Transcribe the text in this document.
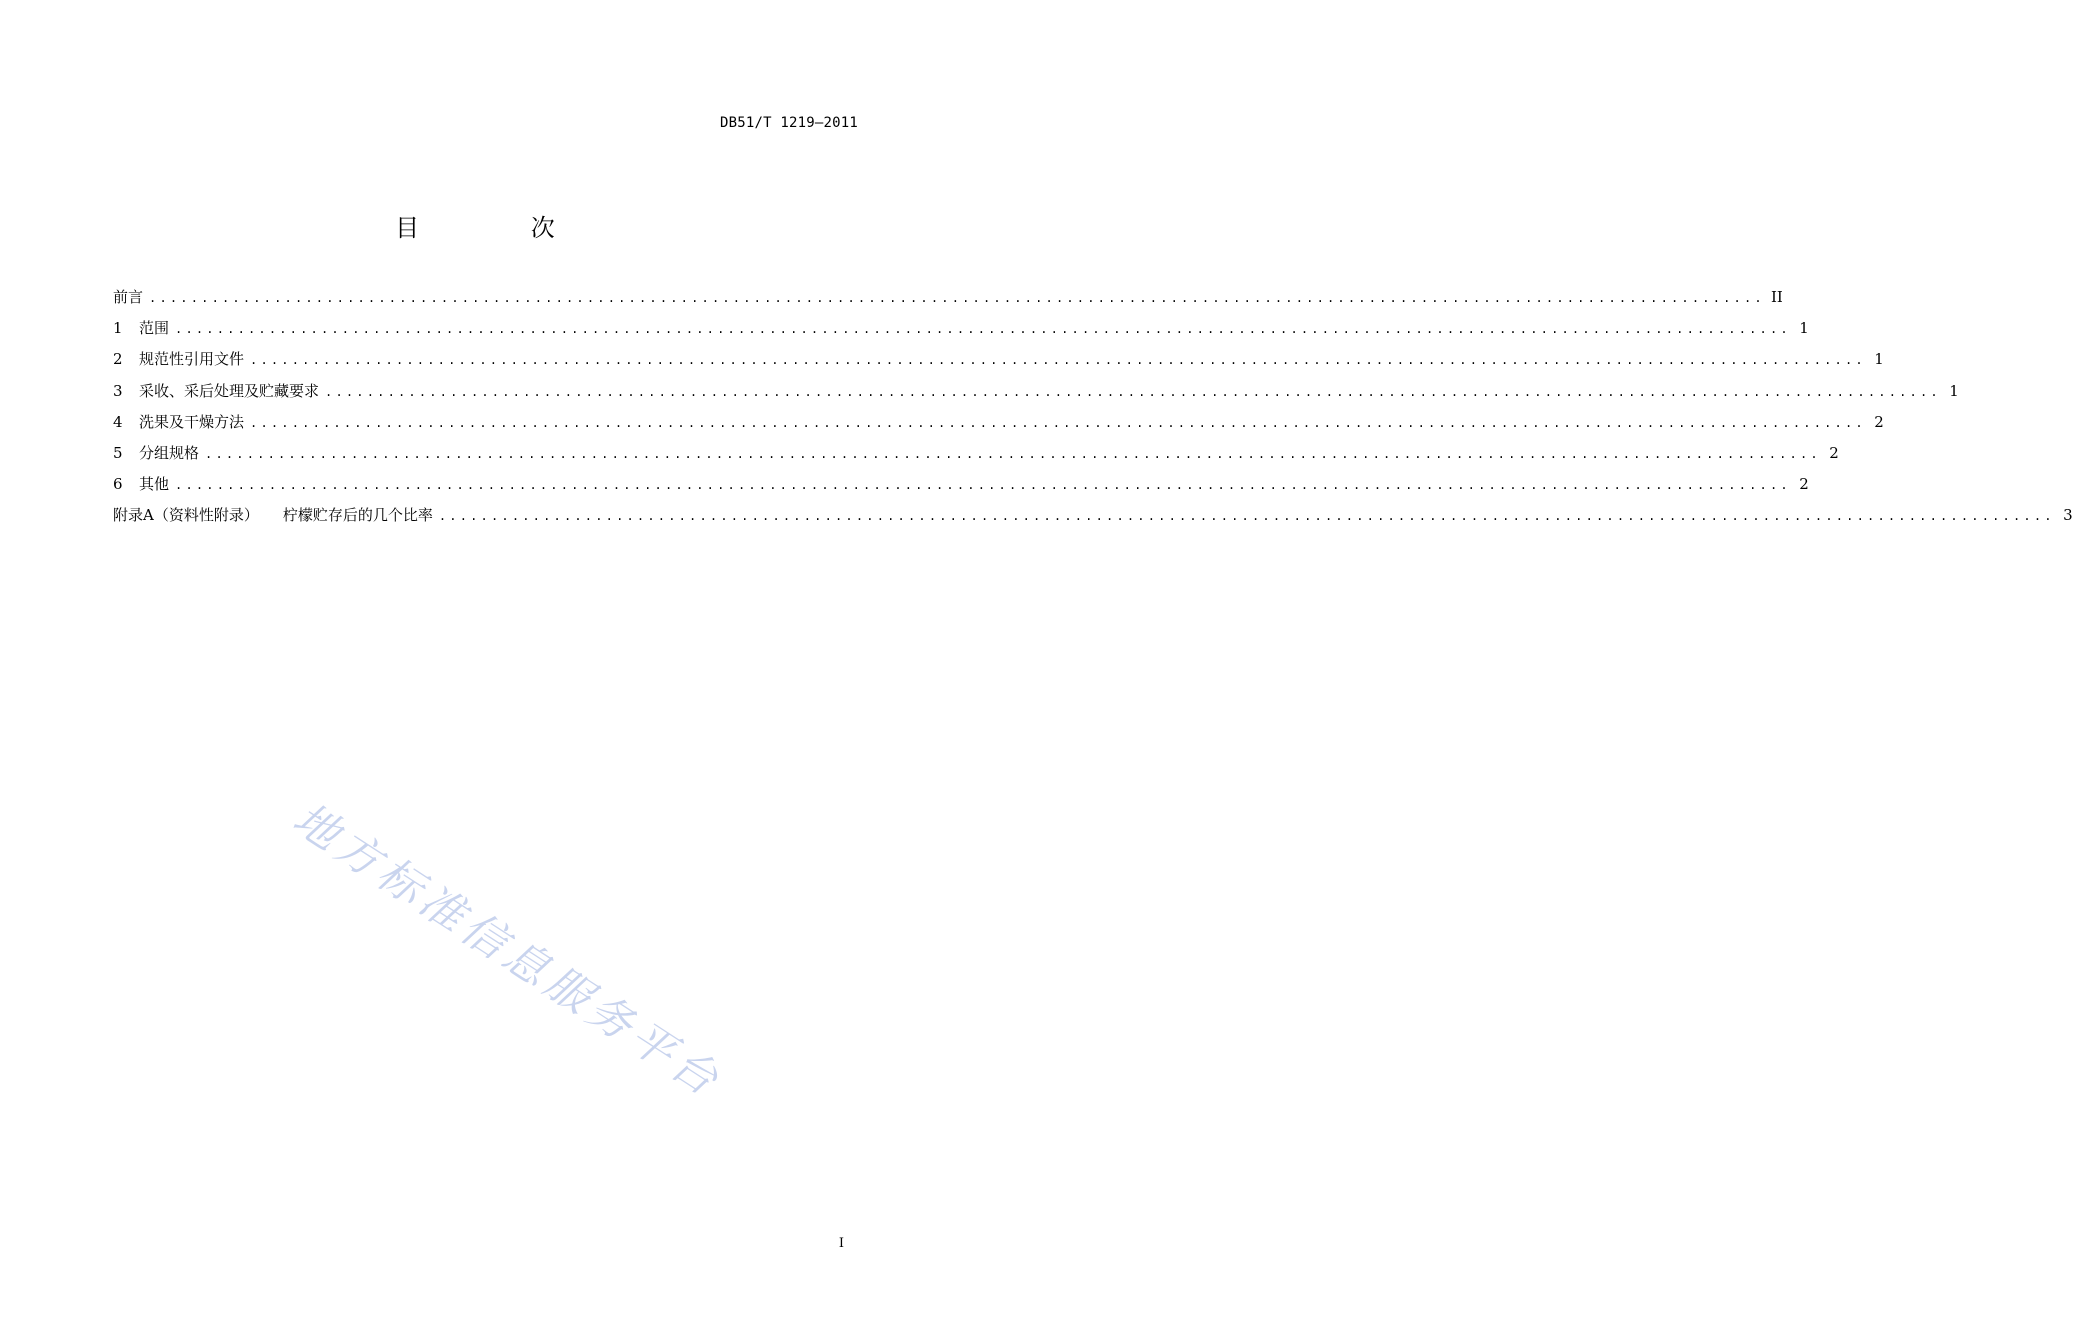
DB51/T 1219—2011
目 次
前言 ........................................................................................................................................................... II
1	范围 ........................................................................................................................................................... 1
2	规范性引用文件 ........................................................................................................................................................... 1
3	采收、采后处理及贮藏要求 ........................................................................................................................................................... 1
4	洗果及干燥方法 ........................................................................................................................................................... 2
5	分组规格 ........................................................................................................................................................... 2
6	其他 ........................................................................................................................................................... 2
附录A（资料性附录） 柠檬贮存后的几个比率 ........................................................................................................................................................... 3
地方标准信息服务平台
I
